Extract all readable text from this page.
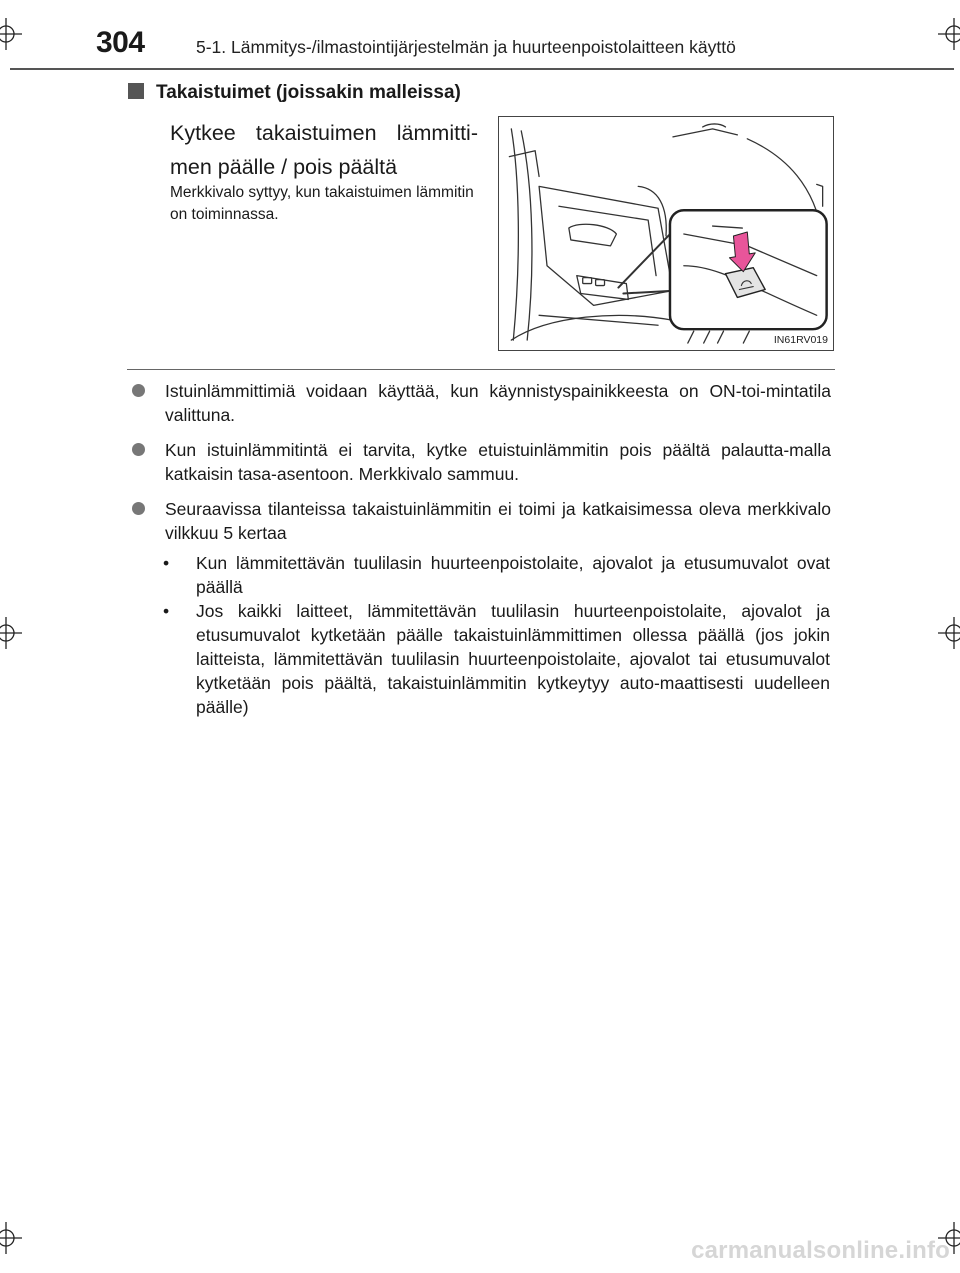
304	5-1. Lämmitys-/ilmastointijärjestelmän ja huurteenpoistolaitteen käyttö
Takaistuimet (joissakin malleissa)
Kytkee takaistuimen lämmitti-men päälle / pois päältä
Merkkivalo syttyy, kun takaistuimen lämmitin on toiminnassa.
IN61RV019
Istuinlämmittimiä voidaan käyttää, kun käynnistyspainikkeesta on ON-toi-mintatila valittuna.
Kun istuinlämmitintä ei tarvita, kytke etuistuinlämmitin pois päältä palautta-malla katkaisin tasa-asentoon. Merkkivalo sammuu.
Seuraavissa tilanteissa takaistuinlämmitin ei toimi ja katkaisimessa oleva merkkivalo vilkkuu 5 kertaa
• Kun lämmitettävän tuulilasin huurteenpoistolaite, ajovalot ja etusumuvalot ovat päällä
• Jos kaikki laitteet, lämmitettävän tuulilasin huurteenpoistolaite, ajovalot ja etusumuvalot kytketään päälle takaistuinlämmittimen ollessa päällä (jos jokin laitteista, lämmitettävän tuulilasin huurteenpoistolaite, ajovalot tai etusumuvalot kytketään pois päältä, takaistuinlämmitin kytkeytyy auto-maattisesti uudelleen päälle)
carmanualsonline.info
